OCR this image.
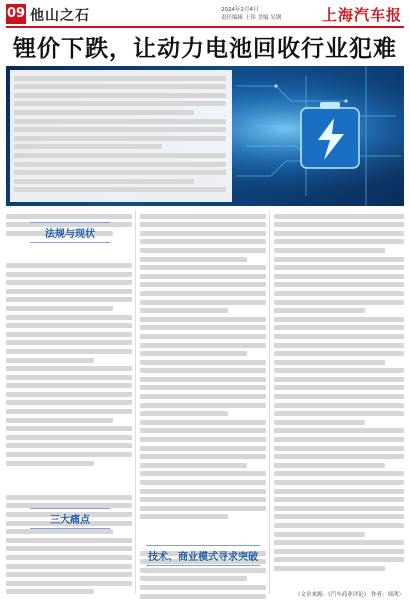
09 他山之石	2024年2月4日
责任编辑 王伟 美编 吴钢	上海汽车报
锂价下跌，让动力电池回收行业犯难
法规与现状
三大痛点
技术、商业模式寻求突破
（文章来源：《汽车商业评论》 作者：周鸿）
